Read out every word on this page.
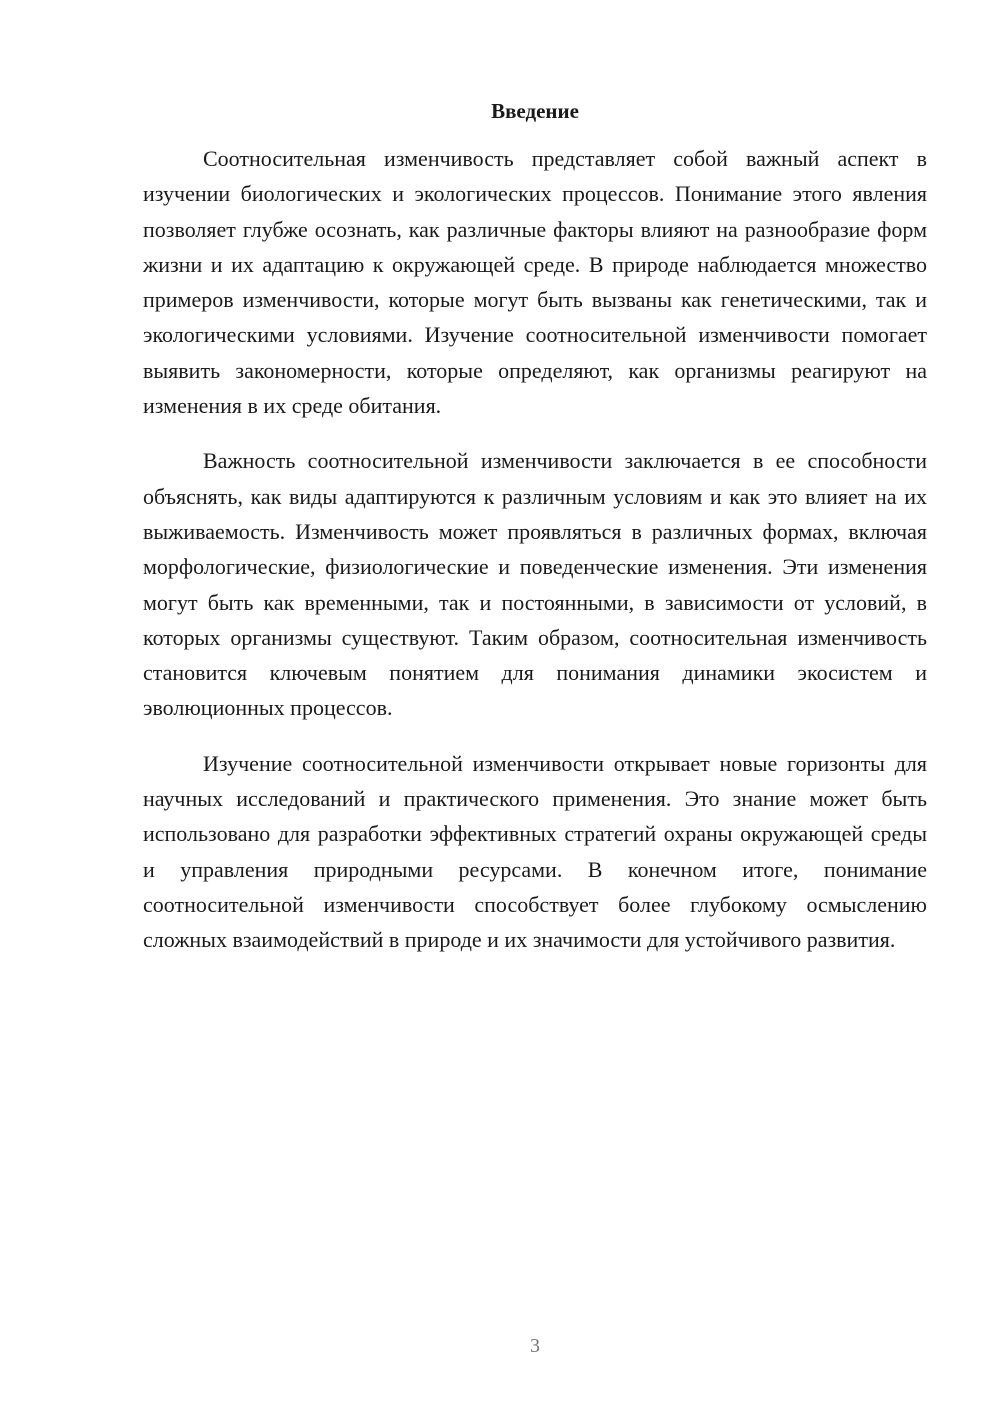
Введение

Соотносительная изменчивость представляет собой важный аспект в изучении биологических и экологических процессов. Понимание этого явления позволяет глубже осознать, как различные факторы влияют на разнообразие форм жизни и их адаптацию к окружающей среде. В природе наблюдается множество примеров изменчивости, которые могут быть вызваны как генетическими, так и экологическими условиями. Изучение соотносительной изменчивости помогает выявить закономерности, которые определяют, как организмы реагируют на изменения в их среде обитания.

Важность соотносительной изменчивости заключается в ее способности объяснять, как виды адаптируются к различным условиям и как это влияет на их выживаемость. Изменчивость может проявляться в различных формах, включая морфологические, физиологические и поведенческие изменения. Эти изменения могут быть как временными, так и постоянными, в зависимости от условий, в которых организмы существуют. Таким образом, соотносительная изменчивость становится ключевым понятием для понимания динамики экосистем и эволюционных процессов.

Изучение соотносительной изменчивости открывает новые горизонты для научных исследований и практического применения. Это знание может быть использовано для разработки эффективных стратегий охраны окружающей среды и управления природными ресурсами. В конечном итоге, понимание соотносительной изменчивости способствует более глубокому осмыслению сложных взаимодействий в природе и их значимости для устойчивого развития.

3
